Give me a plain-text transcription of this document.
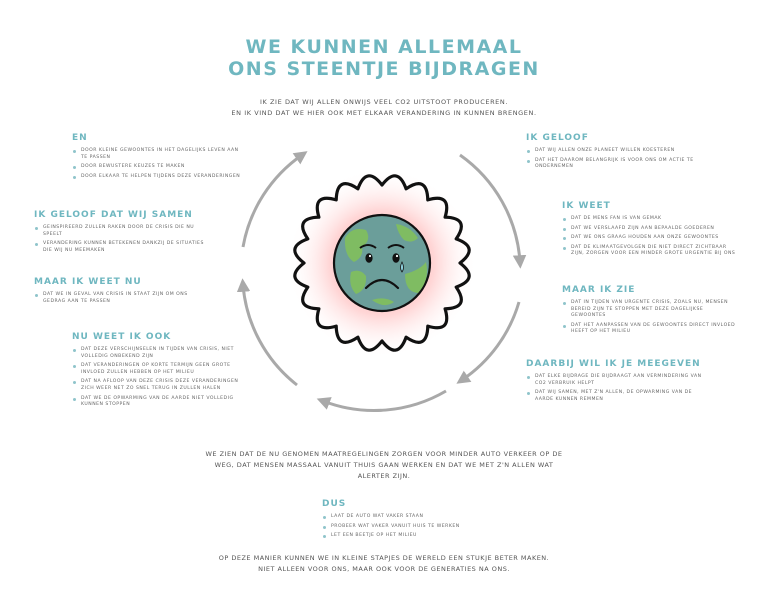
WE KUNNEN ALLEMAAL
ONS STEENTJE BIJDRAGEN
IK ZIE DAT WIJ ALLEN ONWIJS VEEL CO2 UITSTOOT PRODUCEREN.
EN IK VIND DAT WE HIER OOK MET ELKAAR VERANDERING IN KUNNEN BRENGEN.
EN
DOOR KLEINE GEWOONTES IN HET DAGELIJKS LEVEN AAN TE PASSEN
DOOR BEWUSTERE KEUZES TE MAKEN
DOOR ELKAAR TE HELPEN TIJDENS DEZE VERANDERINGEN
IK GELOOF DAT WIJ SAMEN
GEINSPIREERD ZULLEN RAKEN DOOR DE CRISIS DIE NU SPEELT
VERANDERING KUNNEN BETEKENEN DANKZIJ DE SITUATIES DIE WIJ NU MEEMAKEN
MAAR IK WEET NU
DAT WE IN GEVAL VAN CRISIS IN STAAT ZIJN OM ONS GEDRAG AAN TE PASSEN
NU WEET IK OOK
DAT DEZE VERSCHIJNSELEN IN TIJDEN VAN CRISIS, NIET VOLLEDIG ONBEKEND ZIJN
DAT VERANDERINGEN OP KORTE TERMIJN GEEN GROTE INVLOED ZULLEN HEBBEN OP HET MILIEU
DAT NA AFLOOP VAN DEZE CRISIS DEZE VERANDERINGEN ZICH WEER NET ZO SNEL TERUG IN ZULLEN HALEN
DAT WE DE OPWARMING VAN DE AARDE NIET VOLLEDIG KUNNEN STOPPEN
IK GELOOF
DAT WIJ ALLEN ONZE PLANEET WILLEN KOESTEREN
DAT HET DAAROM BELANGRIJK IS VOOR ONS OM ACTIE TE ONDERNEMEN
IK WEET
DAT DE MENS FAN IS VAN GEMAK
DAT WE VERSLAAFD ZIJN AAN BEPAALDE GOEDEREN
DAT WE ONS GRAAG HOUDEN AAN ONZE GEWOONTES
DAT DE KLIMAATGEVOLGEN DIE NIET DIRECT ZICHTBAAR ZIJN, ZORGEN VOOR EEN MINDER GROTE URGENTIE BIJ ONS
MAAR IK ZIE
DAT IN TIJDEN VAN URGENTE CRISIS, ZOALS NU, MENSEN BEREID ZIJN TE STOPPEN MET DEZE DAGELIJKSE GEWOONTES
DAT HET AANPASSEN VAN DE GEWOONTES DIRECT INVLOED HEEFT OP HET MILIEU
DAARBIJ WIL IK JE MEEGEVEN
DAT ELKE BIJDRAGE DIE BIJDRAAGT AAN VERMINDERING VAN CO2 VERBRUIK HELPT
DAT WIJ SAMEN, MET Z'N ALLEN, DE OPWARMING VAN DE AARDE KUNNEN REMMEN
WE ZIEN DAT DE NU GENOMEN MAATREGELINGEN ZORGEN VOOR MINDER AUTO VERKEER OP DE WEG, DAT MENSEN MASSAAL VANUIT THUIS GAAN WERKEN EN DAT WE MET Z'N ALLEN WAT ALERTER ZIJN.
DUS
LAAT DE AUTO WAT VAKER STAAN
PROBEER WAT VAKER VANUIT HUIS TE WERKEN
LET EEN BEETJE OP HET MILIEU
OP DEZE MANIER KUNNEN WE IN KLEINE STAPJES DE WERELD EEN STUKJE BETER MAKEN.
NIET ALLEEN VOOR ONS, MAAR OOK VOOR DE GENERATIES NA ONS.
